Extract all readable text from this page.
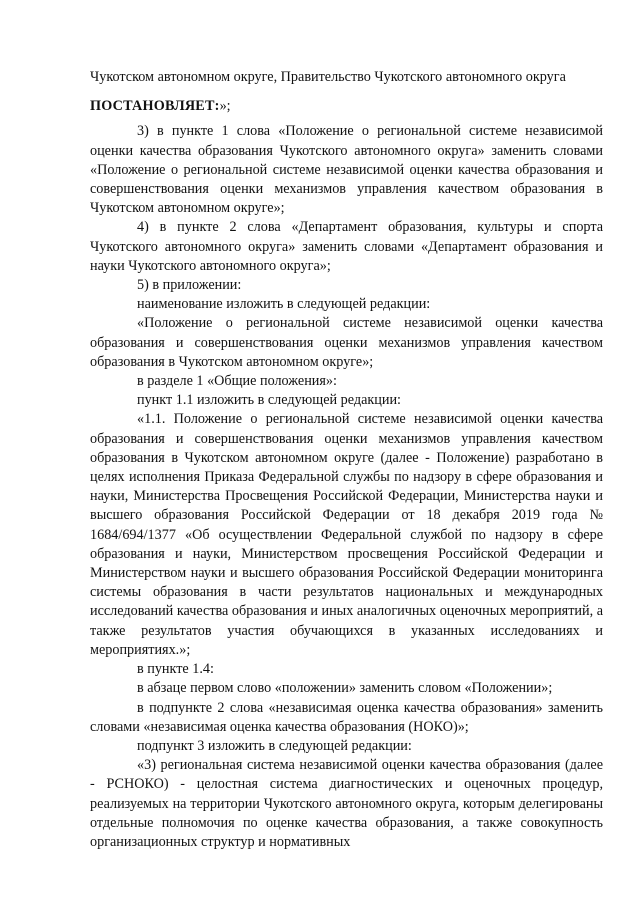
Чукотском автономном округе, Правительство Чукотского автономного округа

ПОСТАНОВЛЯЕТ:»;

3) в пункте 1 слова «Положение о региональной системе независимой оценки качества образования Чукотского автономного округа» заменить словами «Положение о региональной системе независимой оценки качества образования и совершенствования оценки механизмов управления качеством образования в Чукотском автономном округе»;

4) в пункте 2 слова «Департамент образования, культуры и спорта Чукотского автономного округа» заменить словами «Департамент образования и науки Чукотского автономного округа»;

5) в приложении:

наименование изложить в следующей редакции:

«Положение о региональной системе независимой оценки качества образования и совершенствования оценки механизмов управления качеством образования в Чукотском автономном округе»;

в разделе 1 «Общие положения»:

пункт 1.1 изложить в следующей редакции:

«1.1. Положение о региональной системе независимой оценки качества образования и совершенствования оценки механизмов управления качеством образования в Чукотском автономном округе (далее - Положение) разработано в целях исполнения Приказа Федеральной службы по надзору в сфере образования и науки, Министерства Просвещения Российской Федерации, Министерства науки и высшего образования Российской Федерации от 18 декабря 2019 года № 1684/694/1377 «Об осуществлении Федеральной службой по надзору в сфере образования и науки, Министерством просвещения Российской Федерации и Министерством науки и высшего образования Российской Федерации мониторинга системы образования в части результатов национальных и международных исследований качества образования и иных аналогичных оценочных мероприятий, а также результатов участия обучающихся в указанных исследованиях и мероприятиях.»;

в пункте 1.4:

в абзаце первом слово «положении» заменить словом «Положении»;

в подпункте 2 слова «независимая оценка качества образования» заменить словами «независимая оценка качества образования (НОКО)»;

подпункт 3 изложить в следующей редакции:

«3) региональная система независимой оценки качества образования (далее - РСНОКО) - целостная система диагностических и оценочных процедур, реализуемых на территории Чукотского автономного округа, которым делегированы отдельные полномочия по оценке качества образования, а также совокупность организационных структур и нормативных
